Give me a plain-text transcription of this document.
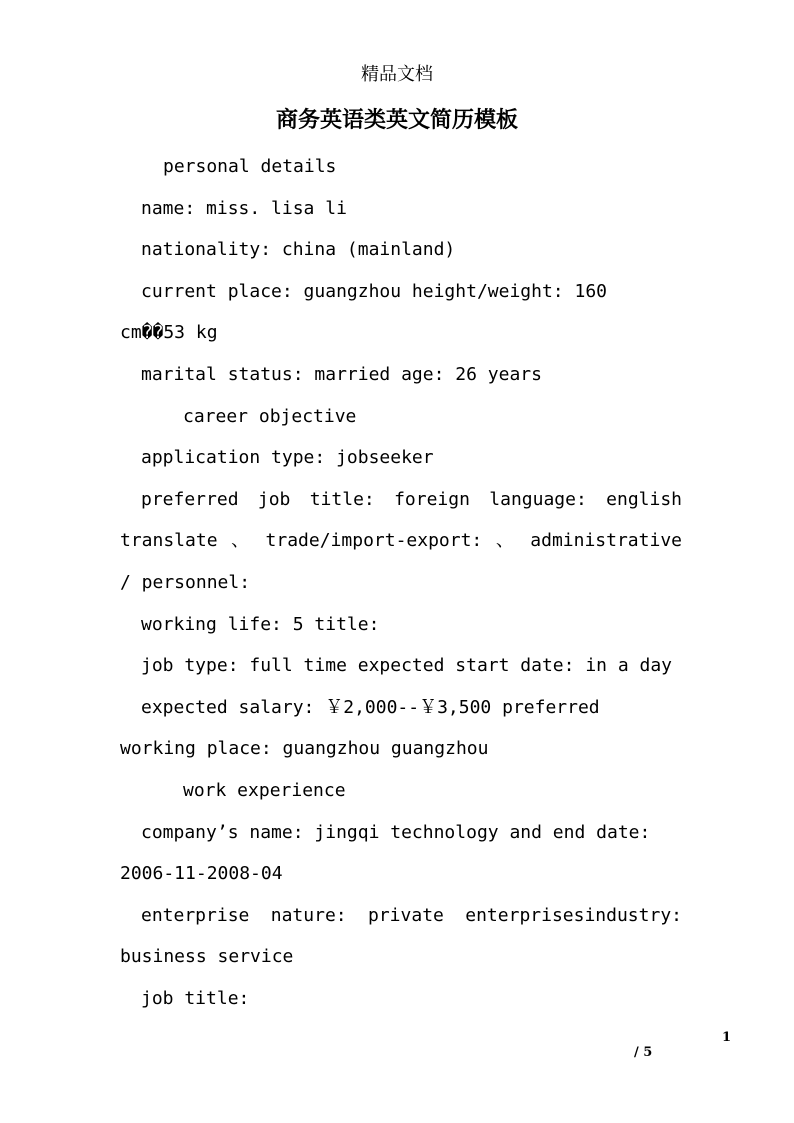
精品文档
商务英语类英文简历模板

personal details

name: miss. lisa li

nationality: china (mainland)

current place: guangzhou height/weight: 160 cm��53 kg

marital status: married age: 26 years

career objective

application type: jobseeker

preferred job title: foreign language: english translate 、 trade/import-export: 、 administrative / personnel:

working life: 5 title:

job type: full time expected start date: in a day

expected salary: ￥2,000--￥3,500 preferred working place: guangzhou guangzhou

work experience

company’s name: jingqi technology and end date: 2006-11-2008-04

enterprise nature: private enterprisesindustry: business service

job title:

1
/ 5
